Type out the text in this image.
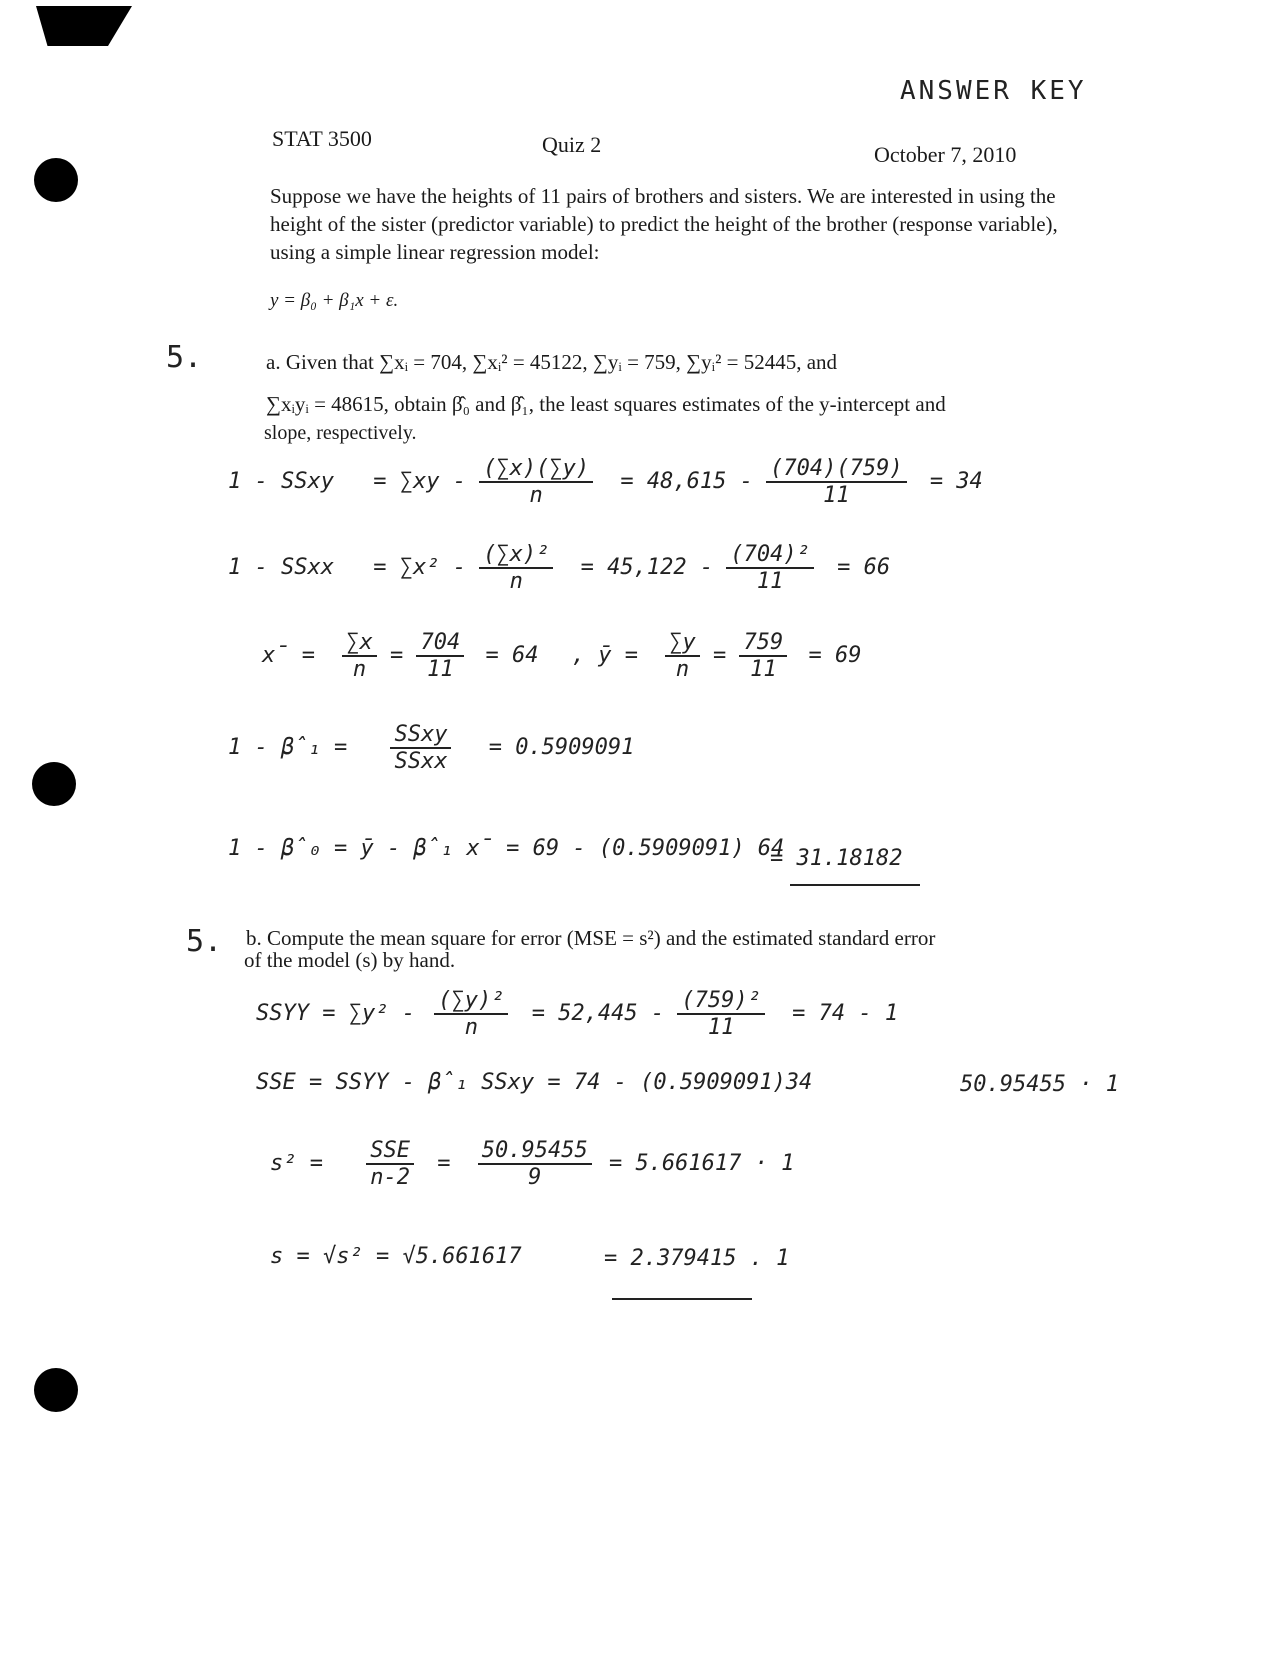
ANSWER KEY
STAT 3500	Quiz 2	October 7, 2010
Suppose we have the heights of 11 pairs of brothers and sisters. We are interested in using the height of the sister (predictor variable) to predict the height of the brother (response variable), using a simple linear regression model:
y = β₀ + β₁x + ε.
5.	a. Given that ∑xᵢ = 704, ∑xᵢ² = 45122, ∑yᵢ = 759, ∑yᵢ² = 52445, and
∑xᵢyᵢ = 48615, obtain β̂₀ and β̂₁, the least squares estimates of the y-intercept and
slope, respectively.
1 - SSxy = $\sum xy - \frac{(\sum x)(\sum y)}{n} = 48,615 - \frac{(704)(759)}{11} = 34$
1 - SSxx = $\sum x^2 - \frac{\text{(∑x)²}}{n} = 45,122 - \frac{\text{(704)²}}{11} = 66$
x̄ = $\frac{\sum x}{n} = \frac{704}{11} = 64$ , ȳ = $\frac{\sum y}{n} = \frac{759}{11} = 69$
1 - β̂₁ = $\frac{\text{SSxy}}{\text{SSxx}} = 0.5909091$
1 - β̂₀ = ȳ - β̂₁ x̄ = 69 - (0.5909091) 64
= 31.18182
5. b. Compute the mean square for error (MSE = s²) and the estimated standard error
of the model (s) by hand.
SSYY = $\sum y^2 - \frac{\text{(∑y)²}}{n} = 52,445 - \frac{\text{(759)²}}{11} = 74 - 1$
SSE = SSYY - β̂₁ SSxy = 74 - (0.5909091)34	50.95455 · 1
$s^2 = \frac{\text{SSE}}{n-2} = \frac{50.95455}{9} = 5.661617 \cdot 1$
s = √s² = √5.661617	= 2.379415 . 1
